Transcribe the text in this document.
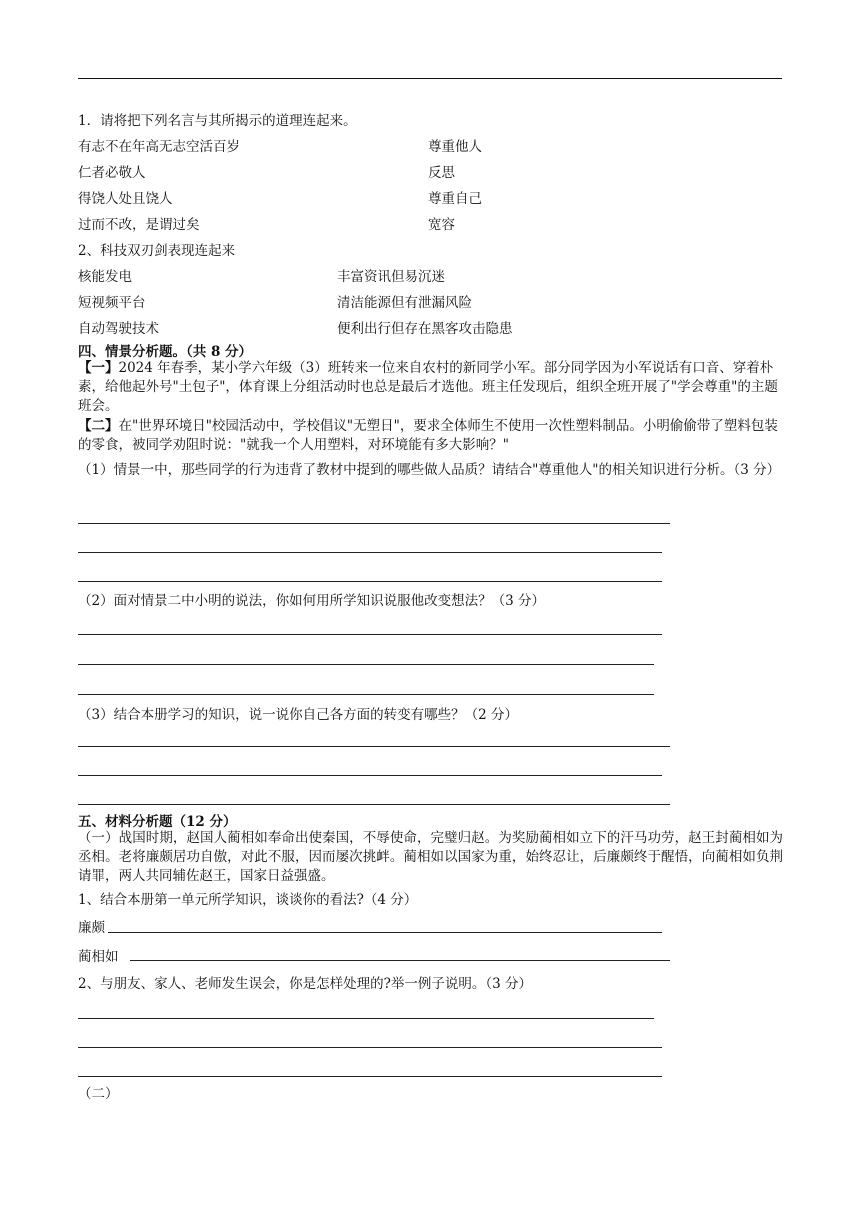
1．请将把下列名言与其所揭示的道理连起来。
有志不在年高无志空活百岁
仁者必敬人
得饶人处且饶人
过而不改，是谓过矣
尊重他人
反思
尊重自己
宽容
2、科技双刃剑表现连起来
核能发电
短视频平台
自动驾驶技术
丰富资讯但易沉迷
清洁能源但有泄漏风险
便利出行但存在黑客攻击隐患
四、情景分析题。（共 8 分）
【一】2024 年春季，某小学六年级（3）班转来一位来自农村的新同学小军。部分同学因为小军说话有口音、穿着朴素，给他起外号"土包子"，体育课上分组活动时也总是最后才选他。班主任发现后，组织全班开展了"学会尊重"的主题班会。
【二】在"世界环境日"校园活动中，学校倡议"无塑日"，要求全体师生不使用一次性塑料制品。小明偷偷带了塑料包装的零食，被同学劝阻时说："就我一个人用塑料，对环境能有多大影响？"
（1）情景一中，那些同学的行为违背了教材中提到的哪些做人品质？请结合"尊重他人"的相关知识进行分析。（3 分）
（2）面对情景二中小明的说法，你如何用所学知识说服他改变想法？（3 分）
（3）结合本册学习的知识，说一说你自己各方面的转变有哪些？（2 分）
五、材料分析题（12 分）
（一）战国时期，赵国人蔺相如奉命出使秦国，不辱使命，完璧归赵。为奖励蔺相如立下的汗马功劳，赵王封蔺相如为丞相。老将廉颇居功自傲，对此不服，因而屡次挑衅。蔺相如以国家为重，始终忍让，后廉颇终于醒悟，向蔺相如负荆请罪，两人共同辅佐赵王，国家日益强盛。
1、结合本册第一单元所学知识，谈谈你的看法?（4 分）
廉颇
蔺相如
2、与朋友、家人、老师发生误会，你是怎样处理的?举一例子说明。（3 分）
（二）
